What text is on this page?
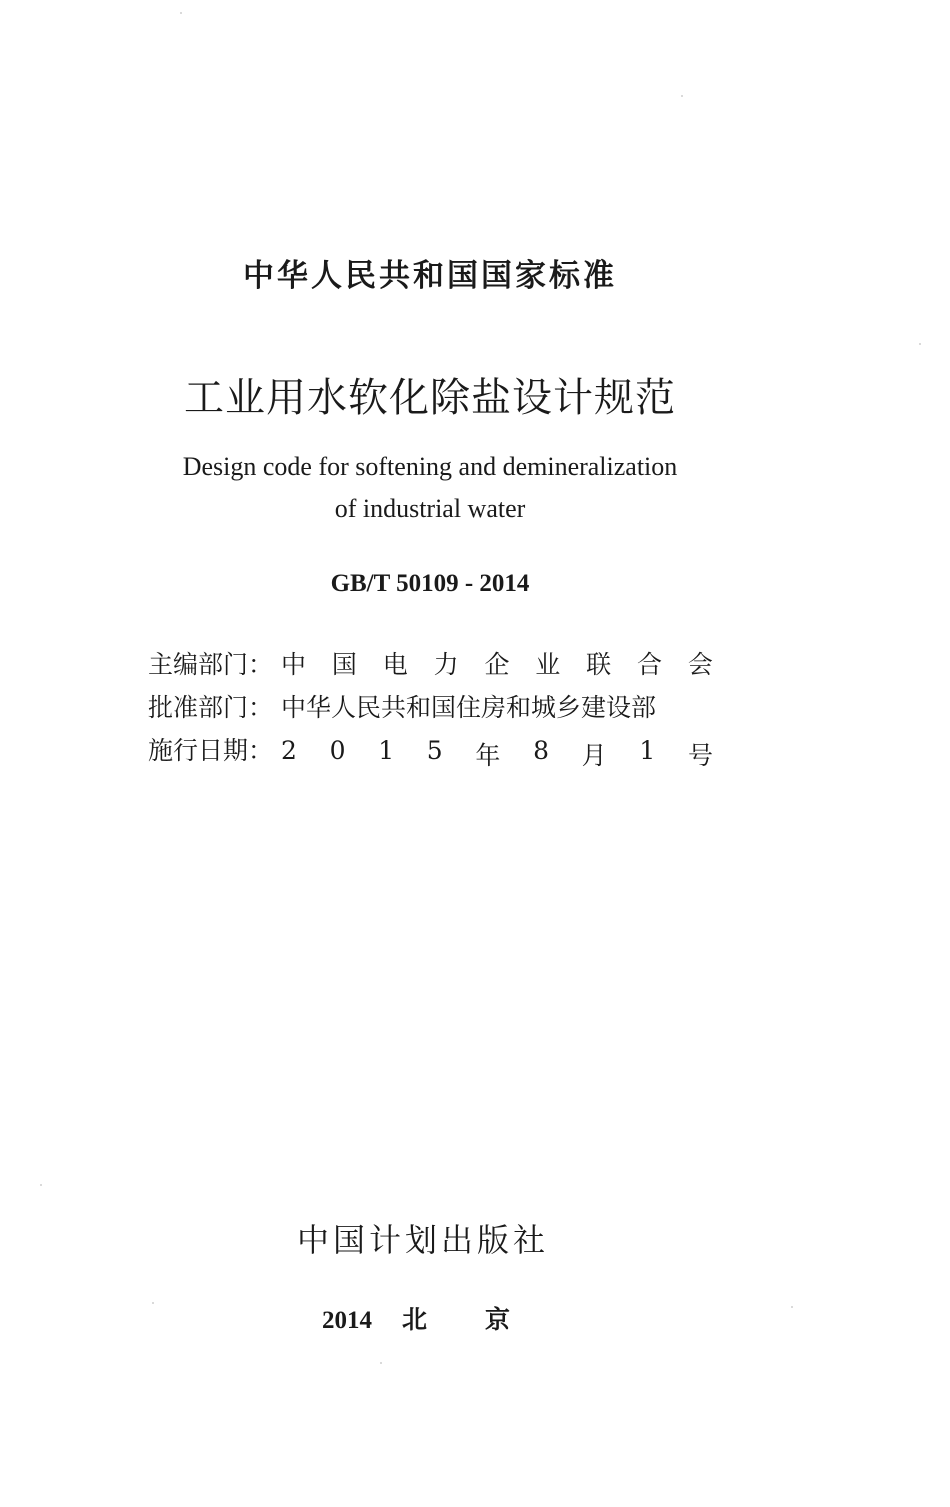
中华人民共和国国家标准
工业用水软化除盐设计规范
Design code for softening and demineralization
of industrial water
GB/T 50109 - 2014
主编部门： 中 国 电 力 企 业 联 合 会
批准部门： 中华人民共和国住房和城乡建设部
施行日期： 2 0 1 5 年 8 月 1 号
中国计划出版社
2014 北 京
